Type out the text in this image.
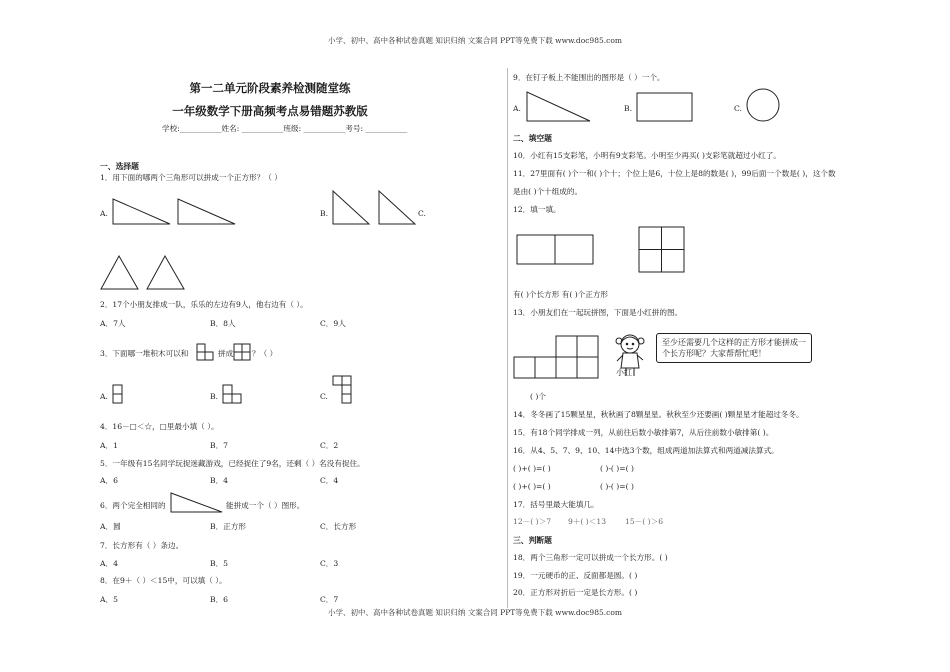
小学、初中、高中各种试卷真题 知识归纳 文案合同 PPT等免费下载 www.doc985.com
小学、初中、高中各种试卷真题 知识归纳 文案合同 PPT等免费下载 www.doc985.com
第一二单元阶段素养检测随堂练
一年级数学下册高频考点易错题苏教版
学校:___________姓名: ___________班级: ___________考号: ___________
一、选择题
1．用下面的哪两个三角形可以拼成一个正方形？（ ）
A.	B.	C.
2．17个小朋友排成一队，乐乐的左边有9人，他右边有（ ）。
A．7人	B．8人	C．9人
3．下面哪一堆积木可以和	拼成 ？（ ）
A.	B.	C.
4．16－□＜☆，□里最小填（ ）。
A．1	B．7	C．2
5．一年级有15名同学玩捉迷藏游戏，已经捉住了9名，还剩（ ）名没有捉住。
A．6	B．4	C．4
6．两个完全相同的	能拼成一个（ ）图形。
A．圆	B．正方形	C．长方形
7．长方形有（ ）条边。
A．4	B．5	C．3
8．在9＋（ ）＜15中，可以填（ ）。
A．5	B．6	C．7
9．在钉子板上不能围出的图形是（ ）一个。
A.	B.	C.
二、填空题
10．小红有15支彩笔，小明有9支彩笔。小明至少再买( )支彩笔就超过小红了。
11．27里面有( )个一和( )个十；个位上是6，十位上是8的数是( )，99后面一个数是( )，这个数
是由( )个十组成的。
12．填一填。
有( )个长方形 有( )个正方形
13．小朋友们在一起玩拼图，下面是小红拼的图。
小红
至少还需要几个这样的正方形才能拼成一个长方形呢？大家帮帮忙吧！
( )个
14．冬冬画了15颗星星，秋秋画了8颗星星。秋秋至少还要画( )颗星星才能超过冬冬。
15．有18个同学排成一列，从前往后数小敏排第7，从后往前数小敏排第( )。
16．从4、5、7、9、10、14中选3个数，组成两道加法算式和两道减法算式。
( )+( )=( )	( )-( )=( )
( )+( )=( )	( )-( )=( )
17．括号里最大能填几。
12－( )＞7 9＋( )＜13 15－( )＞6
三、判断题
18．两个三角形一定可以拼成一个长方形。( )
19．一元硬币的正、反面都是圆。( )
20．正方形对折后一定是长方形。( )
